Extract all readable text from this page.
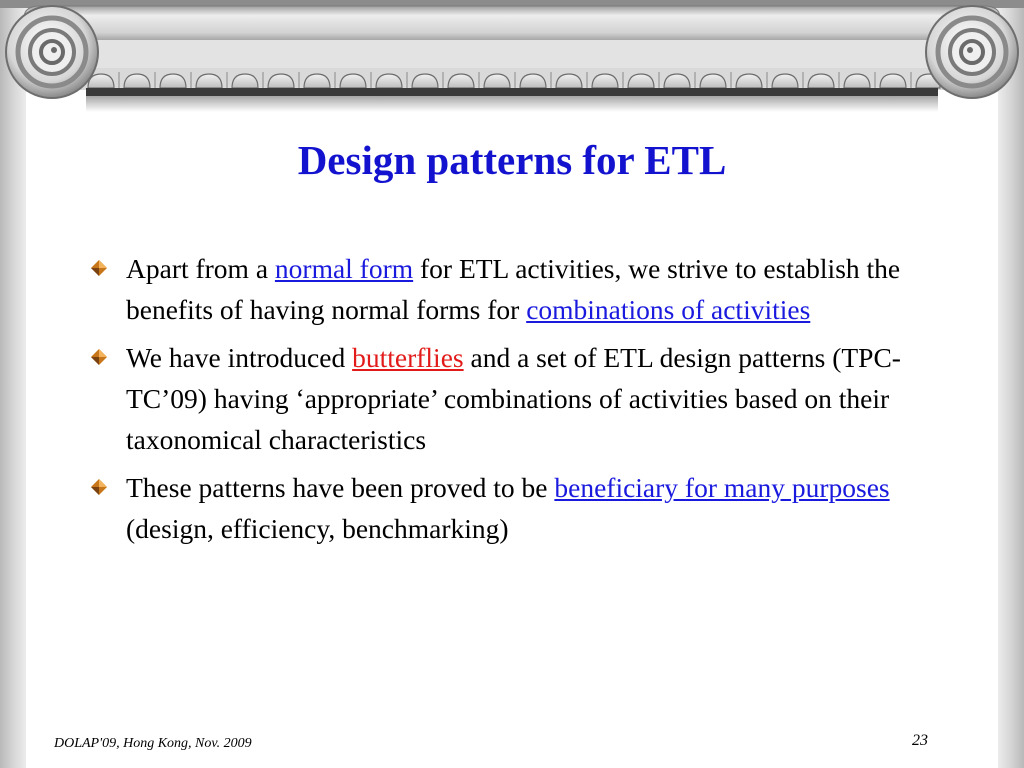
Design patterns for ETL
Apart from a normal form for ETL activities, we strive to establish the benefits of having normal forms for combinations of activities
We have introduced butterflies and a set of ETL design patterns (TPC-TC’09) having ‘appropriate’ combinations of activities based on their taxonomical characteristics
These patterns have been proved to be beneficiary for many purposes (design, efficiency, benchmarking)
DOLAP'09, Hong Kong, Nov. 2009	23
